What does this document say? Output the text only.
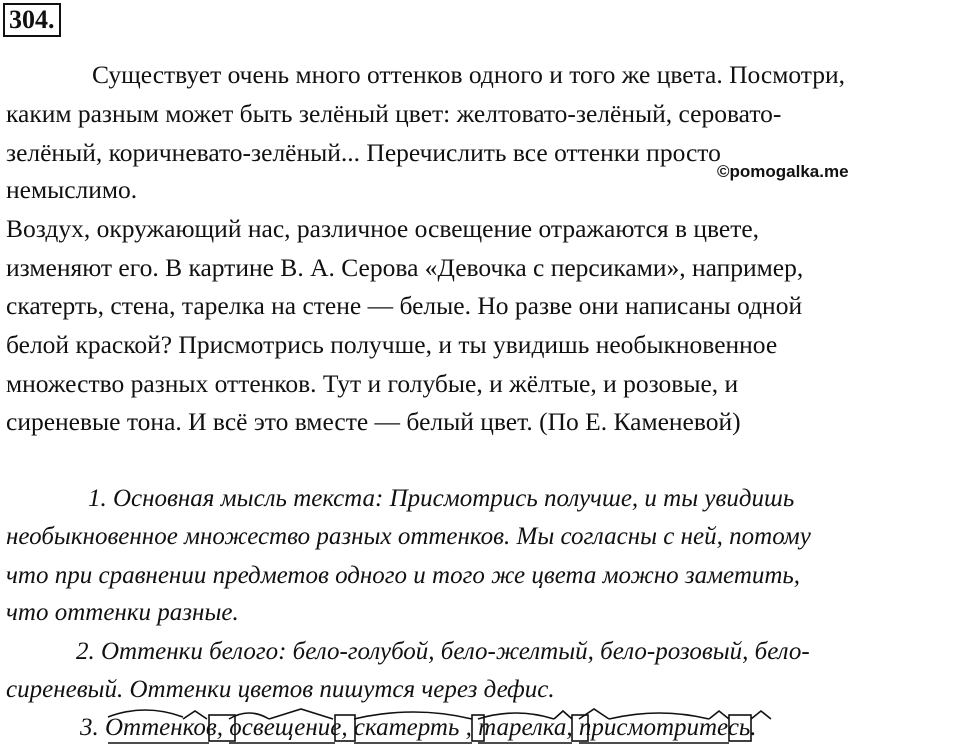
304.
Существует очень много оттенков одного и того же цвета. Посмотри,
каким разным может быть зелёный цвет: желтовато-зелёный, серовато-
зелёный, коричневато-зелёный... Перечислить все оттенки просто
немыслимо.
Воздух, окружающий нас, различное освещение отражаются в цвете,
изменяют его. В картине В. А. Серова «Девочка с персиками», например,
скатерть, стена, тарелка на стене — белые. Но разве они написаны одной
белой краской? Присмотрись получше, и ты увидишь необыкновенное
множество разных оттенков. Тут и голубые, и жёлтые, и розовые, и
сиреневые тона. И всё это вместе — белый цвет. (По Е. Каменевой)
©pomogalka.me
1. Основная мысль текста: Присмотрись получше, и ты увидишь
необыкновенное множество разных оттенков. Мы согласны с ней, потому
что при сравнении предметов одного и того же цвета можно заметить,
что оттенки разные.
2. Оттенки белого: бело-голубой, бело-желтый, бело-розовый, бело-
сиреневый. Оттенки цветов пишутся через дефис.
3. Оттенков,
освещение,
скатерть ,
тарелка,
присмотритесь.
